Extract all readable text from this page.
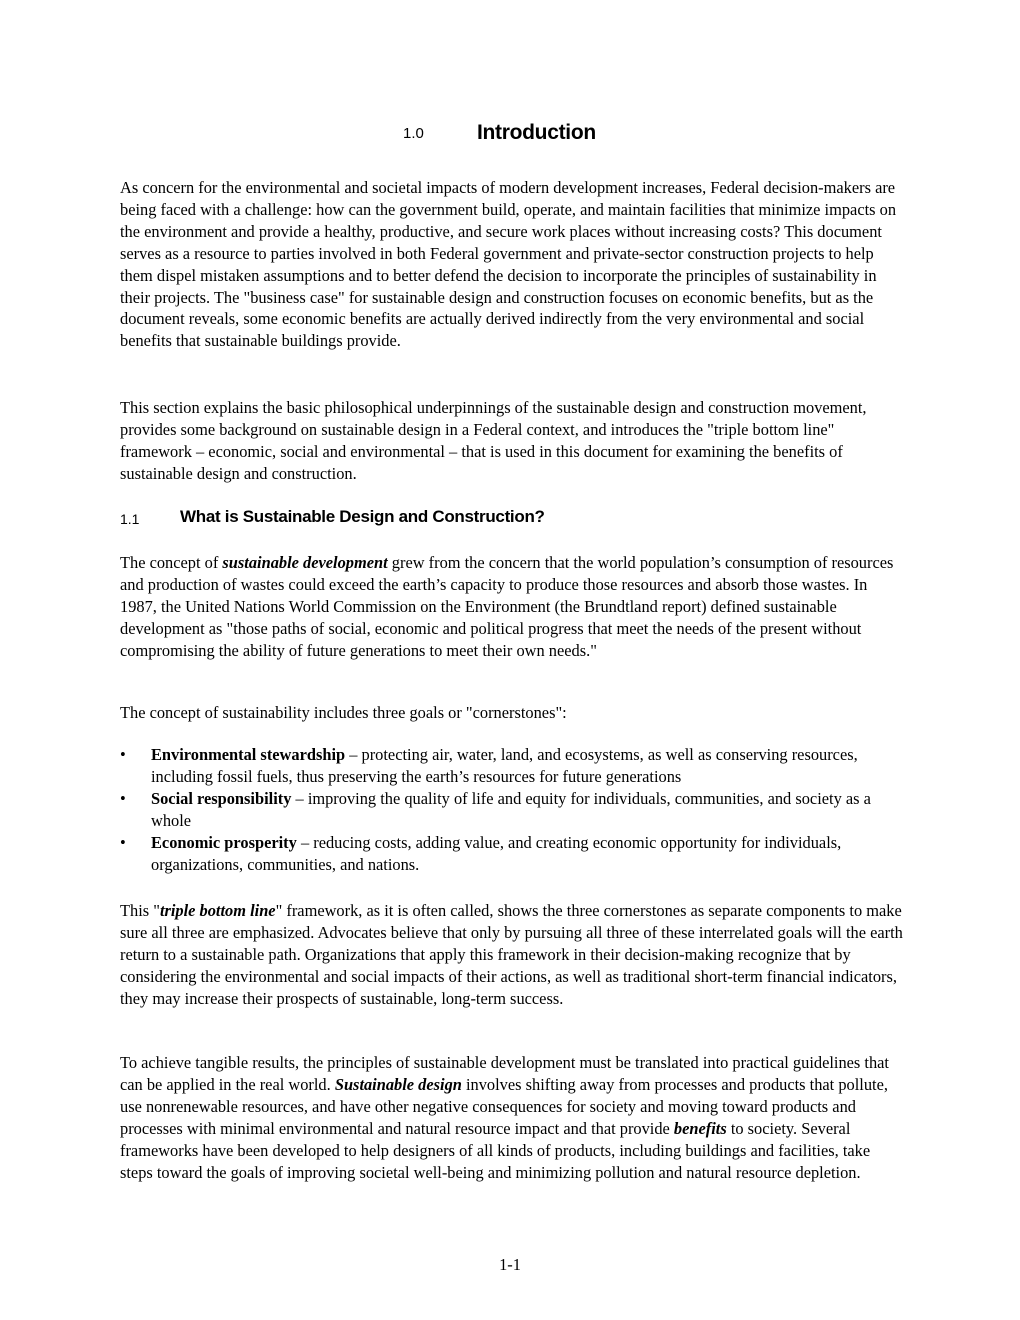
1.0	Introduction

As concern for the environmental and societal impacts of modern development increases, Federal decision-makers are being faced with a challenge: how can the government build, operate, and maintain facilities that minimize impacts on the environment and provide a healthy, productive, and secure work places without increasing costs? This document serves as a resource to parties involved in both Federal government and private-sector construction projects to help them dispel mistaken assumptions and to better defend the decision to incorporate the principles of sustainability in their projects. The "business case" for sustainable design and construction focuses on economic benefits, but as the document reveals, some economic benefits are actually derived indirectly from the very environmental and social benefits that sustainable buildings provide.

This section explains the basic philosophical underpinnings of the sustainable design and construction movement, provides some background on sustainable design in a Federal context, and introduces the "triple bottom line" framework – economic, social and environmental – that is used in this document for examining the benefits of sustainable design and construction.

1.1 What is Sustainable Design and Construction?

The concept of sustainable development grew from the concern that the world population’s consumption of resources and production of wastes could exceed the earth’s capacity to produce those resources and absorb those wastes. In 1987, the United Nations World Commission on the Environment (the Brundtland report) defined sustainable development as "those paths of social, economic and political progress that meet the needs of the present without compromising the ability of future generations to meet their own needs."

The concept of sustainability includes three goals or "cornerstones":

• Environmental stewardship – protecting air, water, land, and ecosystems, as well as conserving resources, including fossil fuels, thus preserving the earth’s resources for future generations
• Social responsibility – improving the quality of life and equity for individuals, communities, and society as a whole
• Economic prosperity – reducing costs, adding value, and creating economic opportunity for individuals, organizations, communities, and nations.

This "triple bottom line" framework, as it is often called, shows the three cornerstones as separate components to make sure all three are emphasized. Advocates believe that only by pursuing all three of these interrelated goals will the earth return to a sustainable path. Organizations that apply this framework in their decision-making recognize that by considering the environmental and social impacts of their actions, as well as traditional short-term financial indicators, they may increase their prospects of sustainable, long-term success.

To achieve tangible results, the principles of sustainable development must be translated into practical guidelines that can be applied in the real world. Sustainable design involves shifting away from processes and products that pollute, use nonrenewable resources, and have other negative consequences for society and moving toward products and processes with minimal environmental and natural resource impact and that provide benefits to society. Several frameworks have been developed to help designers of all kinds of products, including buildings and facilities, take steps toward the goals of improving societal well-being and minimizing pollution and natural resource depletion.

1-1
